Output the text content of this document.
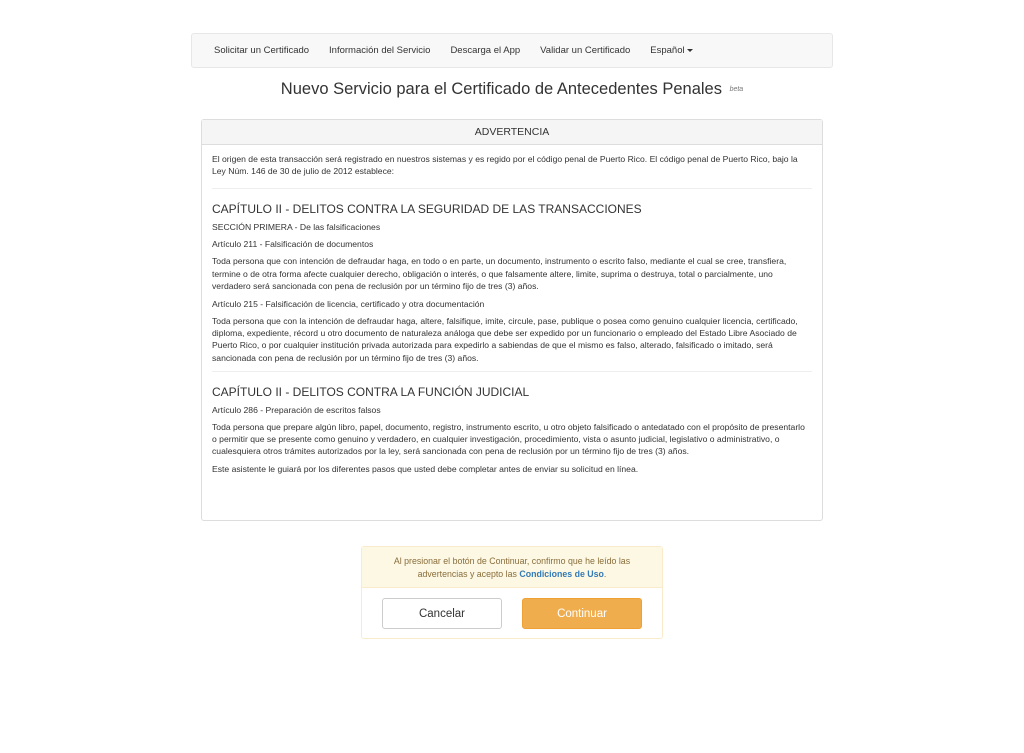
Solicitar un Certificado Información del Servicio Descarga el App Validar un Certificado Español
Nuevo Servicio para el Certificado de Antecedentes Penales beta
ADVERTENCIA

El origen de esta transacción será registrado en nuestros sistemas y es regido por el código penal de Puerto Rico. El código penal de Puerto Rico, bajo la Ley Núm. 146 de 30 de julio de 2012 establece:

CAPÍTULO II - DELITOS CONTRA LA SEGURIDAD DE LAS TRANSACCIONES

SECCIÓN PRIMERA - De las falsificaciones

Artículo 211 - Falsificación de documentos

Toda persona que con intención de defraudar haga, en todo o en parte, un documento, instrumento o escrito falso, mediante el cual se cree, transfiera, termine o de otra forma afecte cualquier derecho, obligación o interés, o que falsamente altere, limite, suprima o destruya, total o parcialmente, uno verdadero será sancionada con pena de reclusión por un término fijo de tres (3) años.

Artículo 215 - Falsificación de licencia, certificado y otra documentación

Toda persona que con la intención de defraudar haga, altere, falsifique, imite, circule, pase, publique o posea como genuino cualquier licencia, certificado, diploma, expediente, récord u otro documento de naturaleza análoga que debe ser expedido por un funcionario o empleado del Estado Libre Asociado de Puerto Rico, o por cualquier institución privada autorizada para expedirlo a sabiendas de que el mismo es falso, alterado, falsificado o imitado, será sancionada con pena de reclusión por un término fijo de tres (3) años.

CAPÍTULO II - DELITOS CONTRA LA FUNCIÓN JUDICIAL

Artículo 286 - Preparación de escritos falsos

Toda persona que prepare algún libro, papel, documento, registro, instrumento escrito, u otro objeto falsificado o antedatado con el propósito de presentarlo o permitir que se presente como genuino y verdadero, en cualquier investigación, procedimiento, vista o asunto judicial, legislativo o administrativo, o cualesquiera otros trámites autorizados por la ley, será sancionada con pena de reclusión por un término fijo de tres (3) años.

Este asistente le guiará por los diferentes pasos que usted debe completar antes de enviar su solicitud en línea.

Al presionar el botón de Continuar, confirmo que he leído las advertencias y acepto las Condiciones de Uso.
Cancelar	Continuar
